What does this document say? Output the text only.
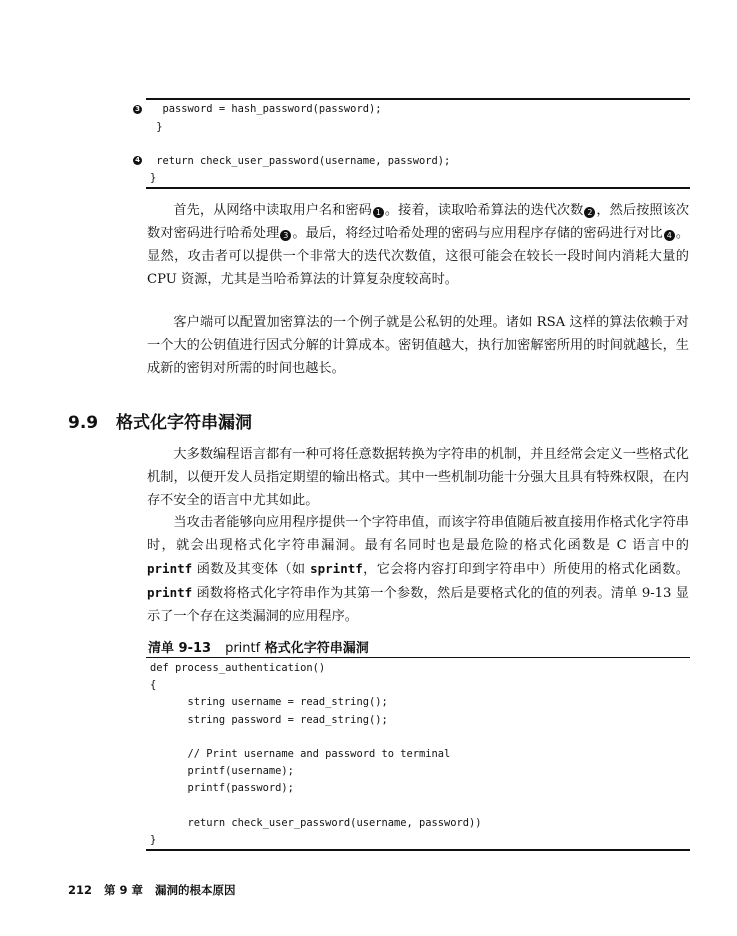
3 password = hash_password(password);
}
4 return check_user_password(username, password);
}
首先，从网络中读取用户名和密码 1 。接着，读取哈希算法的迭代次数 2 ，然后按照该次数对密码进行哈希处理 3 。最后，将经过哈希处理的密码与应用程序存储的密码进行对比 4 。显然，攻击者可以提供一个非常大的迭代次数值，这很可能会在较长一段时间内消耗大量的 CPU 资源，尤其是当哈希算法的计算复杂度较高时。
客户端可以配置加密算法的一个例子就是公私钥的处理。诸如 RSA 这样的算法依赖于对一个大的公钥值进行因式分解的计算成本。密钥值越大，执行加密解密所用的时间就越长，生成新的密钥对所需的时间也越长。
9.9 格式化字符串漏洞
大多数编程语言都有一种可将任意数据转换为字符串的机制，并且经常会定义一些格式化机制，以便开发人员指定期望的输出格式。其中一些机制功能十分强大且具有特殊权限，在内存不安全的语言中尤其如此。
当攻击者能够向应用程序提供一个字符串值，而该字符串值随后被直接用作格式化字符串时，就会出现格式化字符串漏洞。最有名同时也是最危险的格式化函数是 C 语言中的 printf 函数及其变体（如 sprintf，它会将内容打印到字符串中）所使用的格式化函数。printf 函数将格式化字符串作为其第一个参数，然后是要格式化的值的列表。清单 9-13 显示了一个存在这类漏洞的应用程序。
清单 9-13 printf 格式化字符串漏洞
def process_authentication()
{
string username = read_string();
string password = read_string();
// Print username and password to terminal
printf(username);
printf(password);
return check_user_password(username, password))
}
212 第 9 章 漏洞的根本原因
